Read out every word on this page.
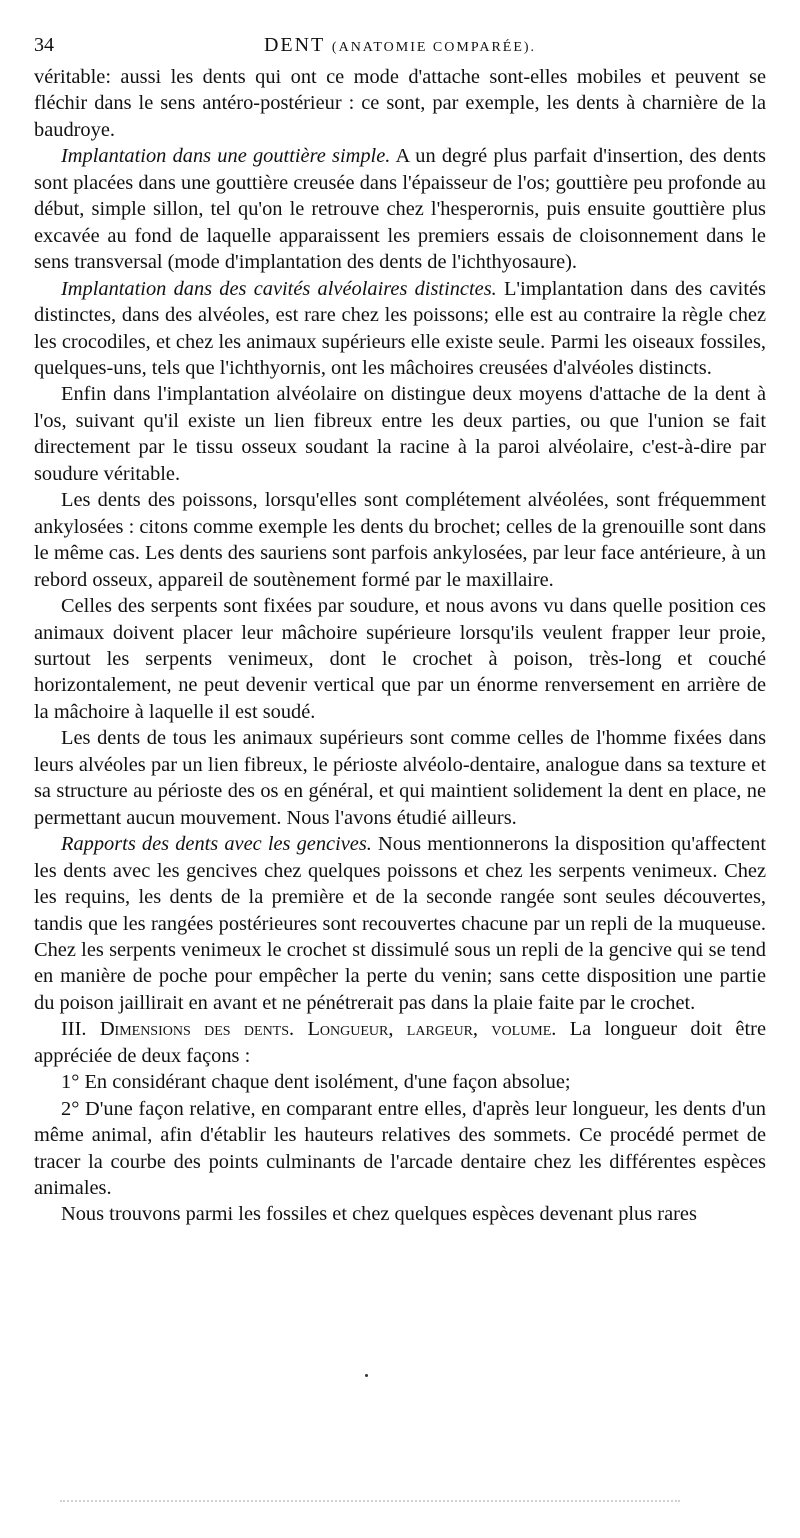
34	DENT (ANATOMIE COMPARÉE).

véritable: aussi les dents qui ont ce mode d'attache sont-elles mobiles et peuvent se fléchir dans le sens antéro-postérieur : ce sont, par exemple, les dents à charnière de la baudroye.

Implantation dans une gouttière simple. A un degré plus parfait d'insertion, des dents sont placées dans une gouttière creusée dans l'épaisseur de l'os; gouttière peu profonde au début, simple sillon, tel qu'on le retrouve chez l'hesperornis, puis ensuite gouttière plus excavée au fond de laquelle apparaissent les premiers essais de cloisonnement dans le sens transversal (mode d'implantation des dents de l'ichthyosaure).

Implantation dans des cavités alvéolaires distinctes. L'implantation dans des cavités distinctes, dans des alvéoles, est rare chez les poissons; elle est au contraire la règle chez les crocodiles, et chez les animaux supérieurs elle existe seule. Parmi les oiseaux fossiles, quelques-uns, tels que l'ichthyornis, ont les mâchoires creusées d'alvéoles distincts.

Enfin dans l'implantation alvéolaire on distingue deux moyens d'attache de la dent à l'os, suivant qu'il existe un lien fibreux entre les deux parties, ou que l'union se fait directement par le tissu osseux soudant la racine à la paroi alvéolaire, c'est-à-dire par soudure véritable.

Les dents des poissons, lorsqu'elles sont complétement alvéolées, sont fréquemment ankylosées : citons comme exemple les dents du brochet; celles de la grenouille sont dans le même cas. Les dents des sauriens sont parfois ankylosées, par leur face antérieure, à un rebord osseux, appareil de soutènement formé par le maxillaire.

Celles des serpents sont fixées par soudure, et nous avons vu dans quelle position ces animaux doivent placer leur mâchoire supérieure lorsqu'ils veulent frapper leur proie, surtout les serpents venimeux, dont le crochet à poison, très-long et couché horizontalement, ne peut devenir vertical que par un énorme renversement en arrière de la mâchoire à laquelle il est soudé.

Les dents de tous les animaux supérieurs sont comme celles de l'homme fixées dans leurs alvéoles par un lien fibreux, le périoste alvéolo-dentaire, analogue dans sa texture et sa structure au périoste des os en général, et qui maintient solidement la dent en place, ne permettant aucun mouvement. Nous l'avons étudié ailleurs.

Rapports des dents avec les gencives. Nous mentionnerons la disposition qu'affectent les dents avec les gencives chez quelques poissons et chez les serpents venimeux. Chez les requins, les dents de la première et de la seconde rangée sont seules découvertes, tandis que les rangées postérieures sont recouvertes chacune par un repli de la muqueuse. Chez les serpents venimeux le crochet st dissimulé sous un repli de la gencive qui se tend en manière de poche pour empêcher la perte du venin; sans cette disposition une partie du poison jaillirait en avant et ne pénétrerait pas dans la plaie faite par le crochet.

III. Dimensions des dents. Longueur, largeur, volume. La longueur doit être appréciée de deux façons :

1° En considérant chaque dent isolément, d'une façon absolue;

2° D'une façon relative, en comparant entre elles, d'après leur longueur, les dents d'un même animal, afin d'établir les hauteurs relatives des sommets. Ce procédé permet de tracer la courbe des points culminants de l'arcade dentaire chez les différentes espèces animales.

Nous trouvons parmi les fossiles et chez quelques espèces devenant plus rares
